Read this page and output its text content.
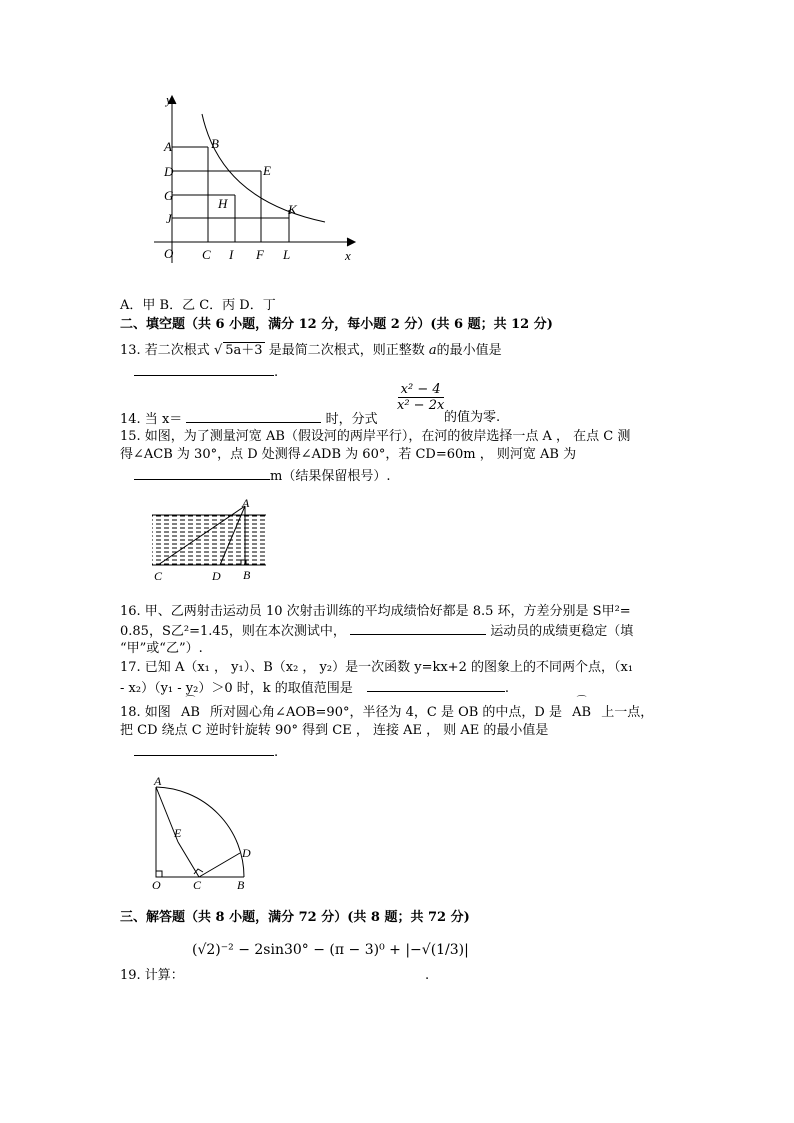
y
x
O
A
D
G
J
C I F L
B
E
K
H
A．甲 B．乙 C．丙 D．丁
二、填空题（共 6 小题，满分 12 分，每小题 2 分）(共 6 题；共 12 分)
13. 若二次根式 √ 5a＋3 是最简二次根式，则正整数 a的最小值是
.
14. 当 x＝	时，分式
$\frac{\text{x² − 4}}{\text{x² − 2x}}$
的值为零.
15. 如图，为了测量河宽 AB（假设河的两岸平行），在河的彼岸选择一点 A ， 在点 C 测
得∠ACB 为 30°，点 D 处测得∠ADB 为 60°，若 CD=60m ， 则河宽 AB 为
m（结果保留根号）.
A
B
C	D
16. 甲、乙两射击运动员 10 次射击训练的平均成绩恰好都是 8.5 环，方差分别是 S甲²=
0.85，S乙²=1.45，则在本次测试中，	运动员的成绩更稳定（填
“甲”或“乙”）.
17. 已知 A（x₁ ， y₁）、B（x₂ ， y₂）是一次函数 y=kx+2 的图象上的不同两个点，（x₁
- x₂）（y₁ - y₂）＞0 时，k 的取值范围是	.
18. 如图
⌒
AB 所对圆心角∠AOB=90°，半径为 4，C 是 OB 的中点，D 是
⌒
AB 上一点，
把 CD 绕点 C 逆时针旋转 90° 得到 CE ， 连接 AE ， 则 AE 的最小值是
.
A
E
D
O	C	B
三、解答题（共 8 小题，满分 72 分）(共 8 题；共 72 分)
(√2)⁻² − 2sin30° − (π − 3)⁰ + |−√(1/3)|
19. 计算：	.
